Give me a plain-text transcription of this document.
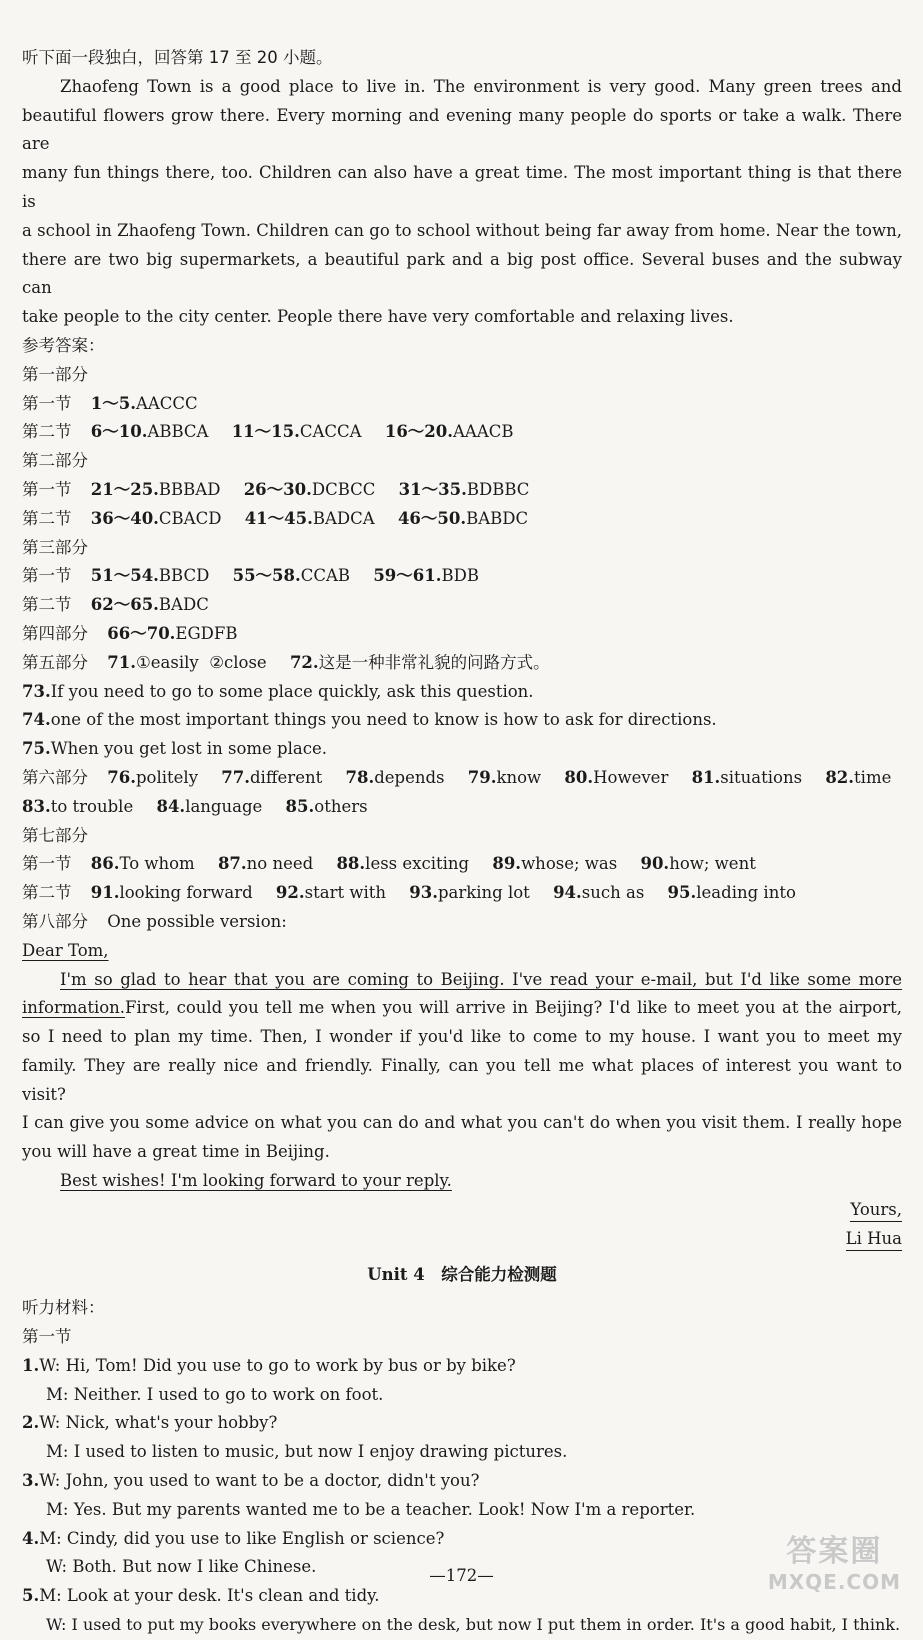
听下面一段独白，回答第 17 至 20 小题。
Zhaofeng Town is a good place to live in. The environment is very good. Many green trees and
beautiful flowers grow there. Every morning and evening many people do sports or take a walk. There are
many fun things there, too. Children can also have a great time. The most important thing is that there is
a school in Zhaofeng Town. Children can go to school without being far away from home. Near the town,
there are two big supermarkets, a beautiful park and a big post office. Several buses and the subway can
take people to the city center. People there have very comfortable and relaxing lives.
参考答案：
第一部分
第一节 1～5.AACCC
第二节 6～10.ABBCA 11～15.CACCA 16～20.AAACB
第二部分
第一节 21～25.BBBAD 26～30.DCBCC 31～35.BDBBC
第二节 36～40.CBACD 41～45.BADCA 46～50.BABDC
第三部分
第一节 51～54.BBCD 55～58.CCAB 59～61.BDB
第二节 62～65.BADC
第四部分 66～70.EGDFB
第五部分 71.①easily ②close 72.这是一种非常礼貌的问路方式。
73.If you need to go to some place quickly, ask this question.
74.one of the most important things you need to know is how to ask for directions.
75.When you get lost in some place.
第六部分 76.politely 77.different 78.depends 79.know 80.However 81.situations 82.time
83.to trouble 84.language 85.others
第七部分
第一节 86.To whom 87.no need 88.less exciting 89.whose; was 90.how; went
第二节 91.looking forward 92.start with 93.parking lot 94.such as 95.leading into
第八部分 One possible version:
Dear Tom,
I'm so glad to hear that you are coming to Beijing. I've read your e-mail, but I'd like some more
information.First, could you tell me when you will arrive in Beijing? I'd like to meet you at the airport,
so I need to plan my time. Then, I wonder if you'd like to come to my house. I want you to meet my
family. They are really nice and friendly. Finally, can you tell me what places of interest you want to visit?
I can give you some advice on what you can do and what you can't do when you visit them. I really hope
you will have a great time in Beijing.
Best wishes! I'm looking forward to your reply.
Yours,
Li Hua
Unit 4　综合能力检测题
听力材料：
第一节
1.W: Hi, Tom! Did you use to go to work by bus or by bike?
M: Neither. I used to go to work on foot.
2.W: Nick, what's your hobby?
M: I used to listen to music, but now I enjoy drawing pictures.
3.W: John, you used to want to be a doctor, didn't you?
M: Yes. But my parents wanted me to be a teacher. Look! Now I'm a reporter.
4.M: Cindy, did you use to like English or science?
W: Both. But now I like Chinese.
5.M: Look at your desk. It's clean and tidy.
W: I used to put my books everywhere on the desk, but now I put them in order. It's a good habit, I think.
—172—
答案圈
MXQE.COM
